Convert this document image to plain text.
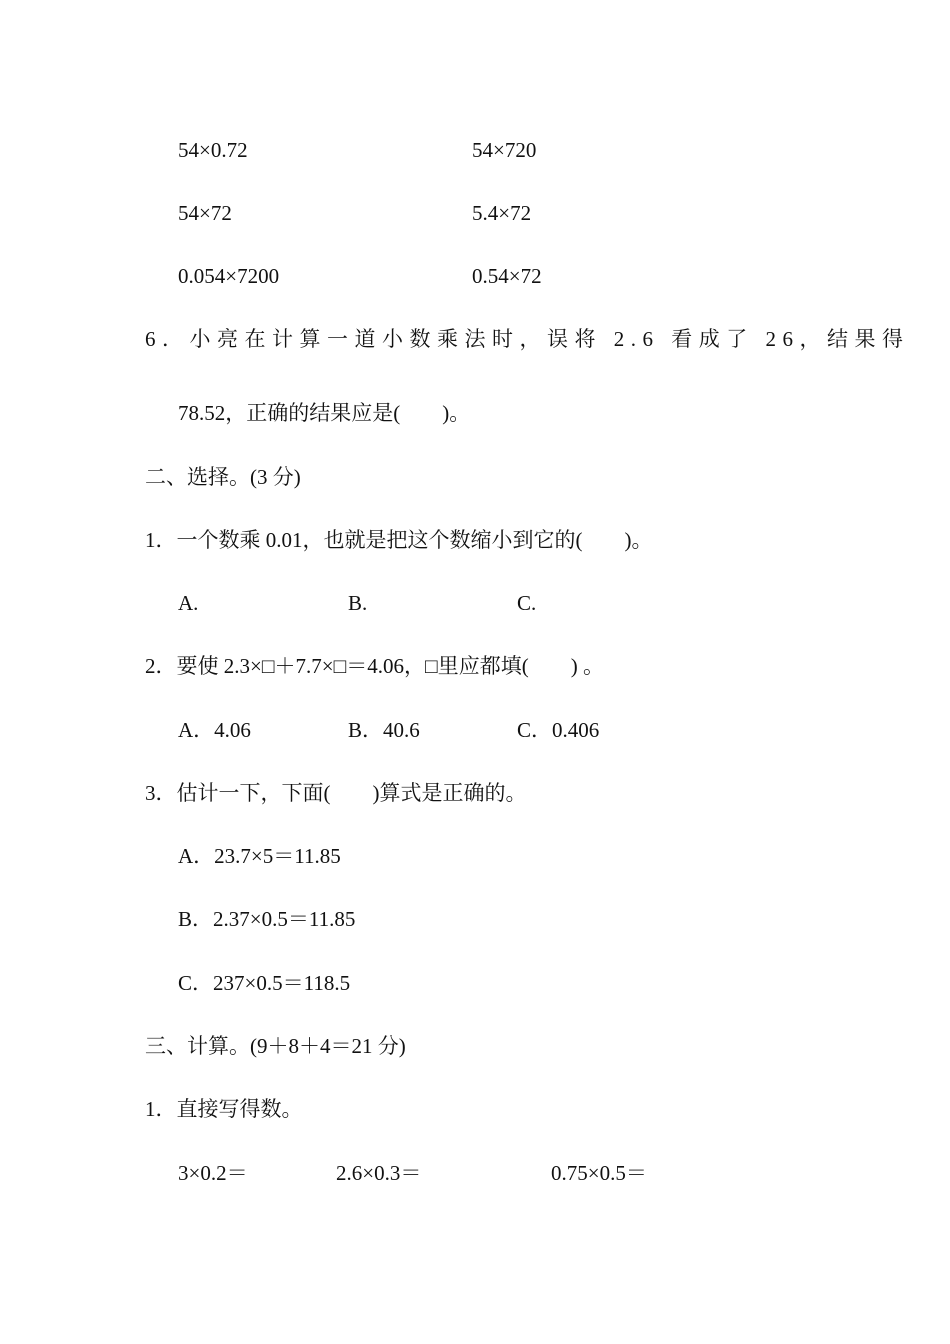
54×0.72	54×720
54×72	5.4×72
0.054×7200	0.54×72
6．小亮在计算一道小数乘法时，误将 2.6 看成了 26，结果得
78.52，正确的结果应是(　　)。
二、选择。(3 分)
1．一个数乘 0.01，也就是把这个数缩小到它的(　　)。
A.	B.	C.
2．要使 2.3×□＋7.7×□＝4.06，□里应都填(　　) 。
A．4.06	B．40.6	C．0.406
3．估计一下，下面(　　)算式是正确的。
A．23.7×5＝11.85
B．2.37×0.5＝11.85
C．237×0.5＝118.5
三、计算。(9＋8＋4＝21 分)
1．直接写得数。
3×0.2＝	2.6×0.3＝	0.75×0.5＝
